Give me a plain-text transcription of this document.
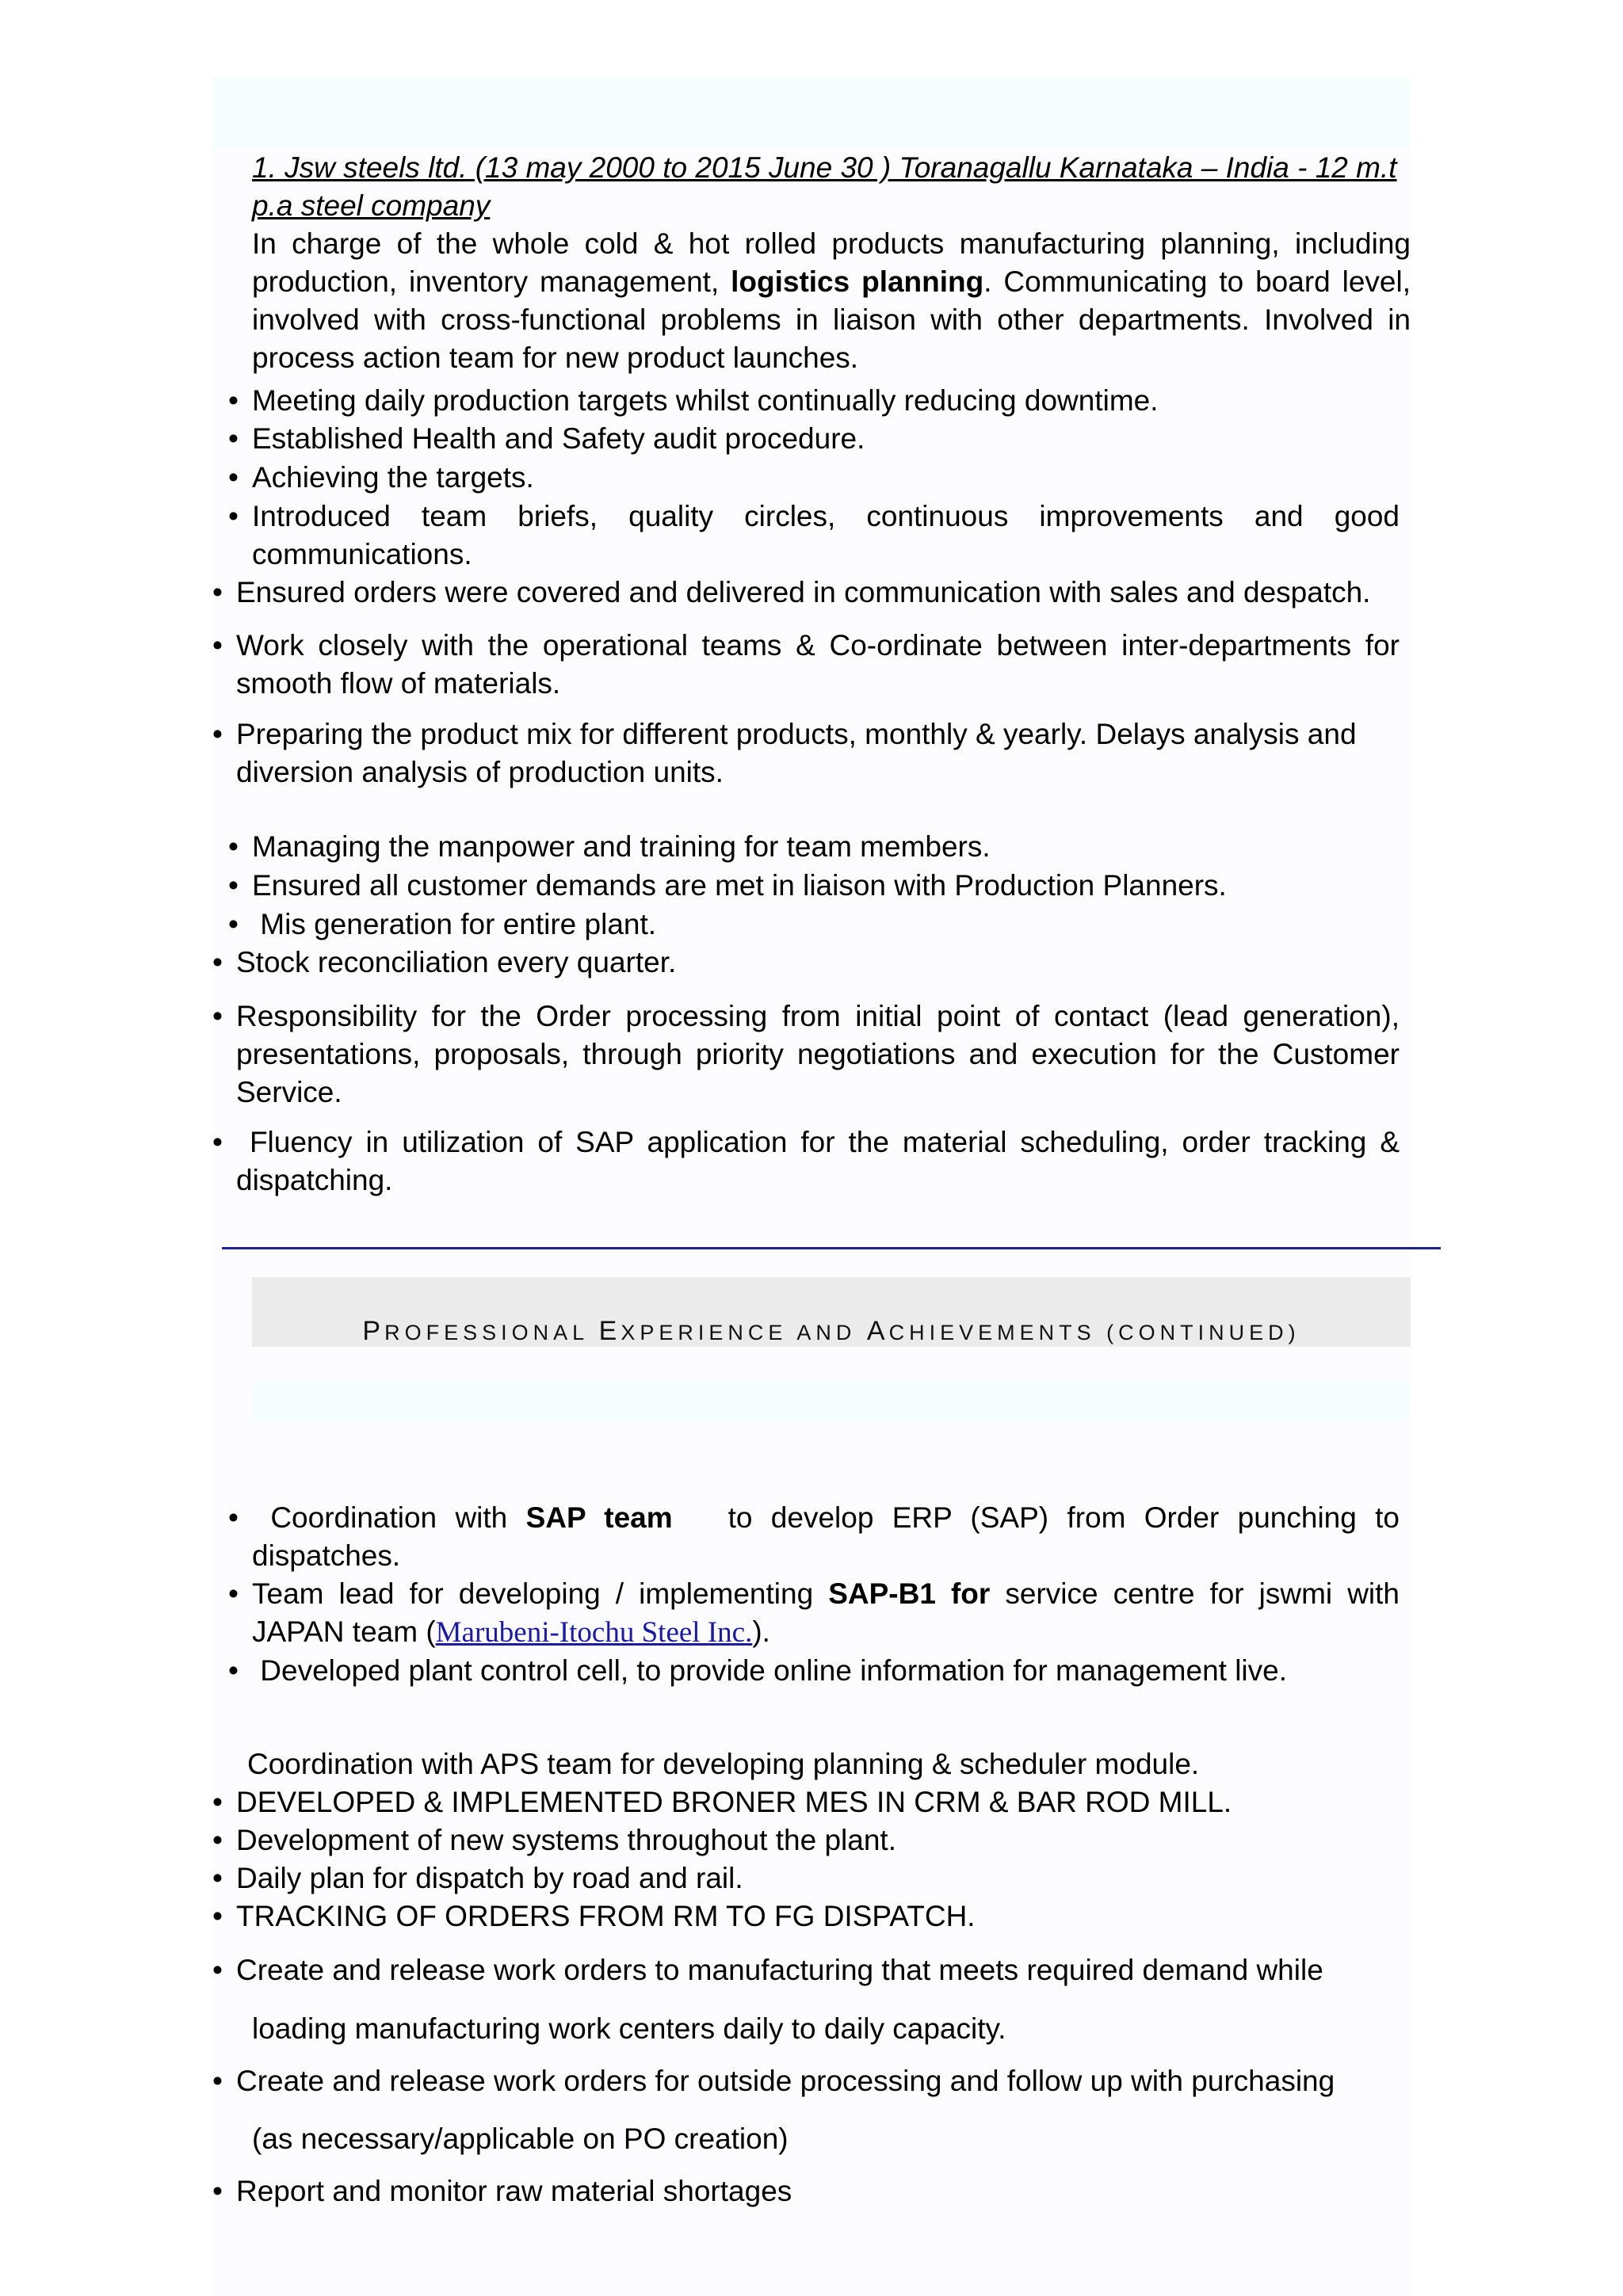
1. Jsw steels ltd. (13 may 2000 to 2015 June 30 ) Toranagallu Karnataka – India - 12 m.t p.a steel company
In charge of the whole cold & hot rolled products manufacturing planning, including production, inventory management, logistics planning. Communicating to board level, involved with cross-functional problems in liaison with other departments. Involved in process action team for new product launches.
• Meeting daily production targets whilst continually reducing downtime.
• Established Health and Safety audit procedure.
• Achieving the targets.
• Introduced team briefs, quality circles, continuous improvements and good communications.
• Ensured orders were covered and delivered in communication with sales and despatch.
• Work closely with the operational teams & Co-ordinate between inter-departments for smooth flow of materials.
• Preparing the product mix for different products, monthly & yearly. Delays analysis and diversion analysis of production units.
• Managing the manpower and training for team members.
• Ensured all customer demands are met in liaison with Production Planners.
• Mis generation for entire plant.
• Stock reconciliation every quarter.
• Responsibility for the Order processing from initial point of contact (lead generation), presentations, proposals, through priority negotiations and execution for the Customer Service.
• Fluency in utilization of SAP application for the material scheduling, order tracking & dispatching.
PROFESSIONAL EXPERIENCE AND ACHIEVEMENTS (CONTINUED)
• Coordination with SAP team   to develop ERP (SAP) from Order punching to dispatches.
• Team lead for developing / implementing SAP-B1 for service centre for jswmi with JAPAN team (Marubeni-Itochu Steel Inc.).
• Developed plant control cell, to provide online information for management live.
Coordination with APS team for developing planning & scheduler module.
• DEVELOPED & IMPLEMENTED BRONER MES IN CRM & BAR ROD MILL.
• Development of new systems throughout the plant.
• Daily plan for dispatch by road and rail.
• TRACKING OF ORDERS FROM RM TO FG DISPATCH.
• Create and release work orders to manufacturing that meets required demand while
loading manufacturing work centers daily to daily capacity.
• Create and release work orders for outside processing and follow up with purchasing
(as necessary/applicable on PO creation)
• Report and monitor raw material shortages
